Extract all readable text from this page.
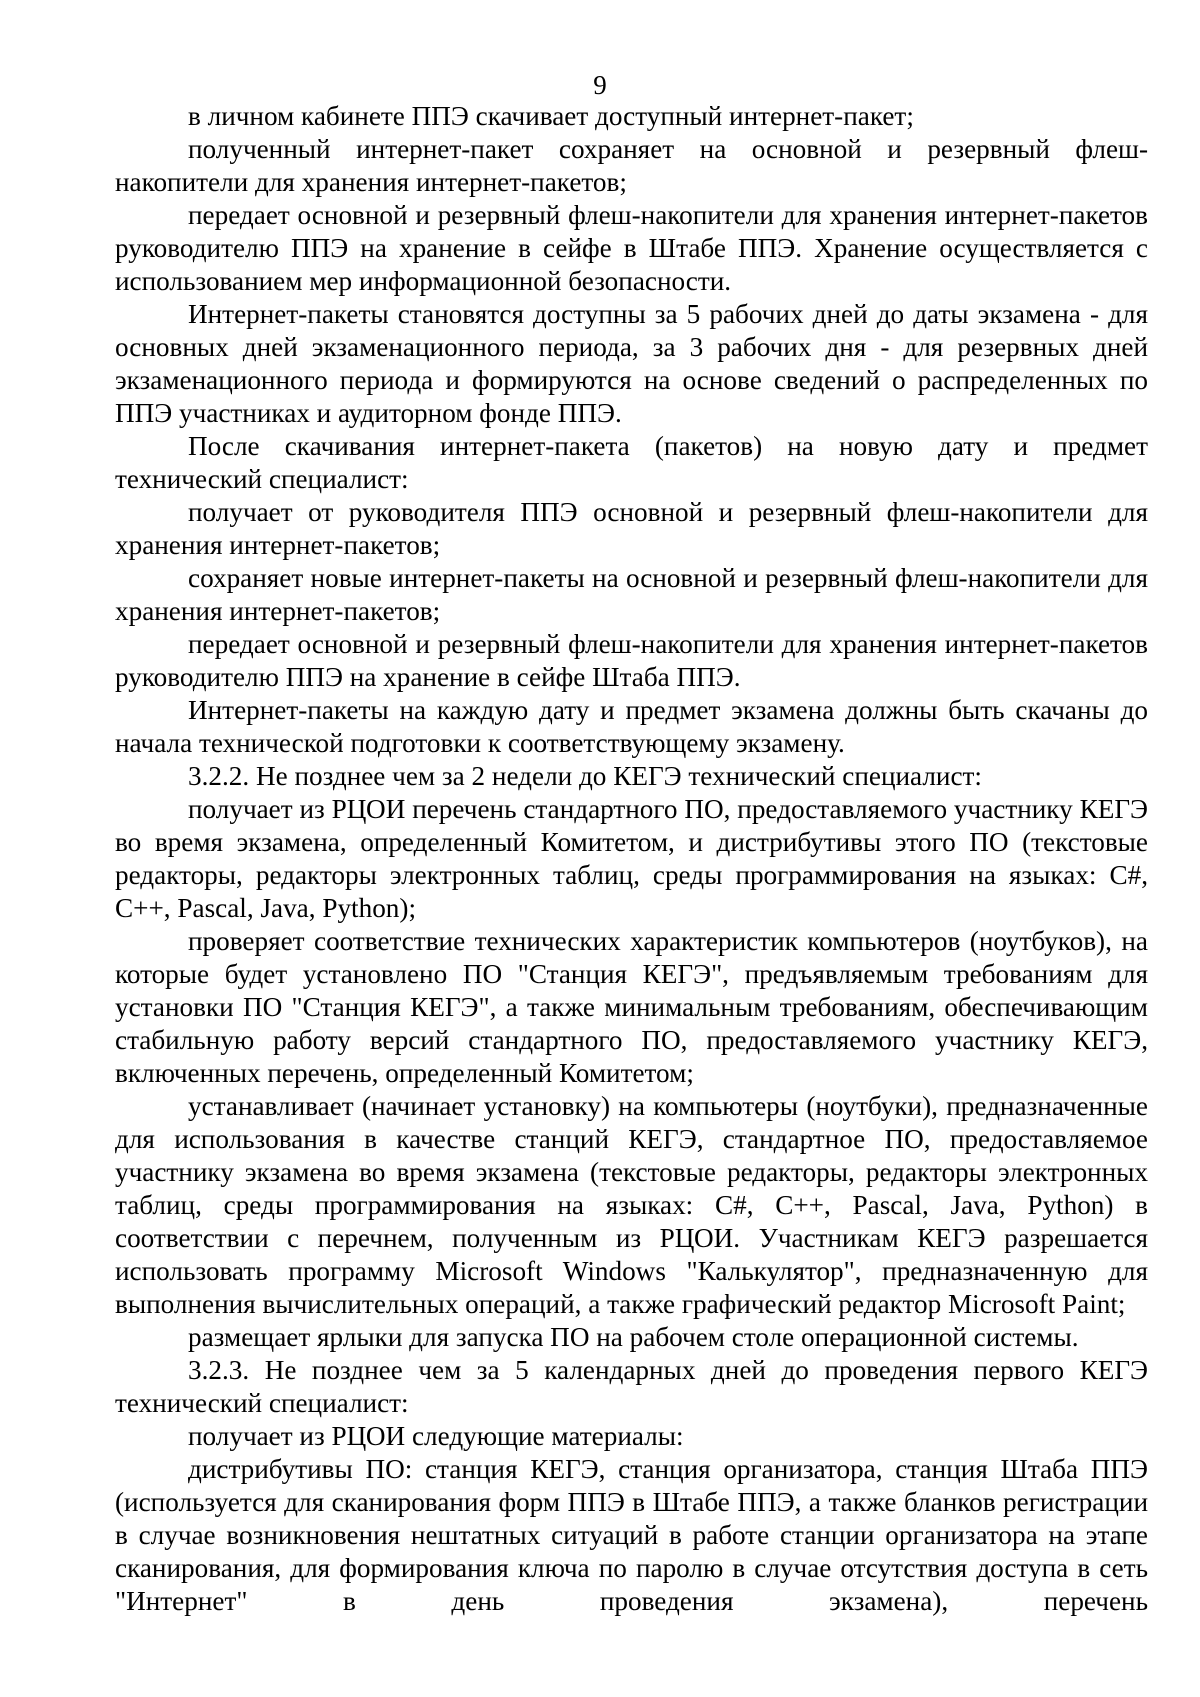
9

в личном кабинете ППЭ скачивает доступный интернет-пакет;

полученный интернет-пакет сохраняет на основной и резервный флеш-накопители для хранения интернет-пакетов;

передает основной и резервный флеш-накопители для хранения интернет-пакетов руководителю ППЭ на хранение в сейфе в Штабе ППЭ. Хранение осуществляется с использованием мер информационной безопасности.

Интернет-пакеты становятся доступны за 5 рабочих дней до даты экзамена - для основных дней экзаменационного периода, за 3 рабочих дня - для резервных дней экзаменационного периода и формируются на основе сведений о распределенных по ППЭ участниках и аудиторном фонде ППЭ.

После скачивания интернет-пакета (пакетов) на новую дату и предмет технический специалист:

получает от руководителя ППЭ основной и резервный флеш-накопители для хранения интернет-пакетов;

сохраняет новые интернет-пакеты на основной и резервный флеш-накопители для хранения интернет-пакетов;

передает основной и резервный флеш-накопители для хранения интернет-пакетов руководителю ППЭ на хранение в сейфе Штаба ППЭ.

Интернет-пакеты на каждую дату и предмет экзамена должны быть скачаны до начала технической подготовки к соответствующему экзамену.

3.2.2. Не позднее чем за 2 недели до КЕГЭ технический специалист:

получает из РЦОИ перечень стандартного ПО, предоставляемого участнику КЕГЭ во время экзамена, определенный Комитетом, и дистрибутивы этого ПО (текстовые редакторы, редакторы электронных таблиц, среды программирования на языках: C#, C++, Pascal, Java, Python);

проверяет соответствие технических характеристик компьютеров (ноутбуков), на которые будет установлено ПО "Станция КЕГЭ", предъявляемым требованиям для установки ПО "Станция КЕГЭ", а также минимальным требованиям, обеспечивающим стабильную работу версий стандартного ПО, предоставляемого участнику КЕГЭ, включенных перечень, определенный Комитетом;

устанавливает (начинает установку) на компьютеры (ноутбуки), предназначенные для использования в качестве станций КЕГЭ, стандартное ПО, предоставляемое участнику экзамена во время экзамена (текстовые редакторы, редакторы электронных таблиц, среды программирования на языках: C#, C++, Pascal, Java, Python) в соответствии с перечнем, полученным из РЦОИ. Участникам КЕГЭ разрешается использовать программу Microsoft Windows "Калькулятор", предназначенную для выполнения вычислительных операций, а также графический редактор Microsoft Paint;

размещает ярлыки для запуска ПО на рабочем столе операционной системы.

3.2.3. Не позднее чем за 5 календарных дней до проведения первого КЕГЭ технический специалист:

получает из РЦОИ следующие материалы:

дистрибутивы ПО: станция КЕГЭ, станция организатора, станция Штаба ППЭ (используется для сканирования форм ППЭ в Штабе ППЭ, а также бланков регистрации в случае возникновения нештатных ситуаций в работе станции организатора на этапе сканирования, для формирования ключа по паролю в случае отсутствия доступа в сеть "Интернет" в день проведения экзамена), перечень
